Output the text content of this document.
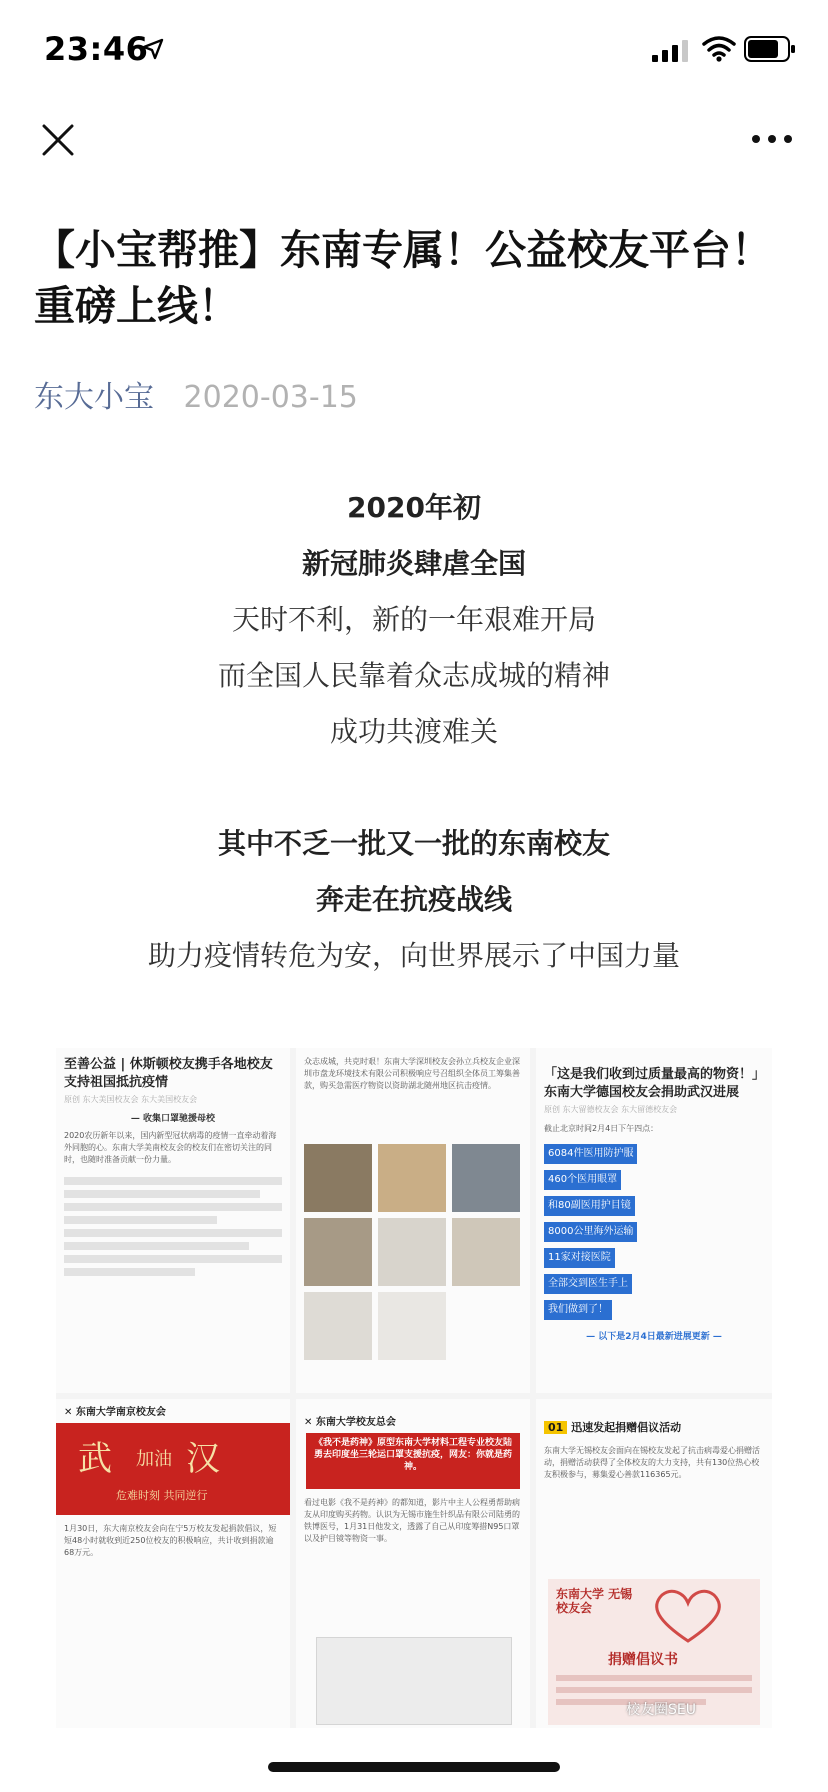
23:46
【小宝帮推】东南专属！公益校友平台！重磅上线！
东大小宝 2020-03-15
2020年初
新冠肺炎肆虐全国
天时不利，新的一年艰难开局
而全国人民靠着众志成城的精神
成功共渡难关
其中不乏一批又一批的东南校友
奔走在抗疫战线
助力疫情转危为安，向世界展示了中国力量
至善公益 | 休斯顿校友携手各地校友支持祖国抵抗疫情
原创 东大美国校友会 东大美国校友会
— 收集口罩驰援母校
2020农历新年以来，国内新型冠状病毒的疫情一直牵动着海外同胞的心。东南大学美南校友会的校友们在密切关注的同时，也随时准备贡献一份力量。
众志成城，共克时艰！东南大学深圳校友会孙立兵校友企业深圳市盘龙环境技术有限公司积极响应号召组织全体员工筹集善款，购买急需医疗物资以资助湖北随州地区抗击疫情。
「这是我们收到过质量最高的物资！」东南大学德国校友会捐助武汉进展
原创 东大留德校友会 东大留德校友会
截止北京时间2月4日下午四点：
6084件医用防护服
460个医用眼罩
和80副医用护目镜
8000公里海外运输
11家对接医院
全部交到医生手上
我们做到了！
— 以下是2月4日最新进展更新 —
✕ 东南大学南京校友会
武 加油 汉
危难时刻 共同逆行
1月30日，东大南京校友会向在宁5万校友发起捐款倡议，短短48小时就收到近250位校友的积极响应，共计收到捐款逾68万元。
✕ 东南大学校友总会
《我不是药神》原型东南大学材料工程专业校友陆勇去印度坐三轮运口罩支援抗疫，网友：你就是药神。
看过电影《我不是药神》的都知道，影片中主人公程勇帮助病友从印度购买药物。认识为无锡市施生针织品有限公司陆勇的铁博医号，1月31日他发文，透露了自己从印度筹措N95口罩以及护目镜等物资一事。
01 迅速发起捐赠倡议活动
东南大学无锡校友会面向在锡校友发起了抗击病毒爱心捐赠活动，捐赠活动获得了全体校友的大力支持，共有130位热心校友积极参与，募集爱心善款116365元。
东南大学 无锡校友会
捐赠倡议书
校友圈SEU
